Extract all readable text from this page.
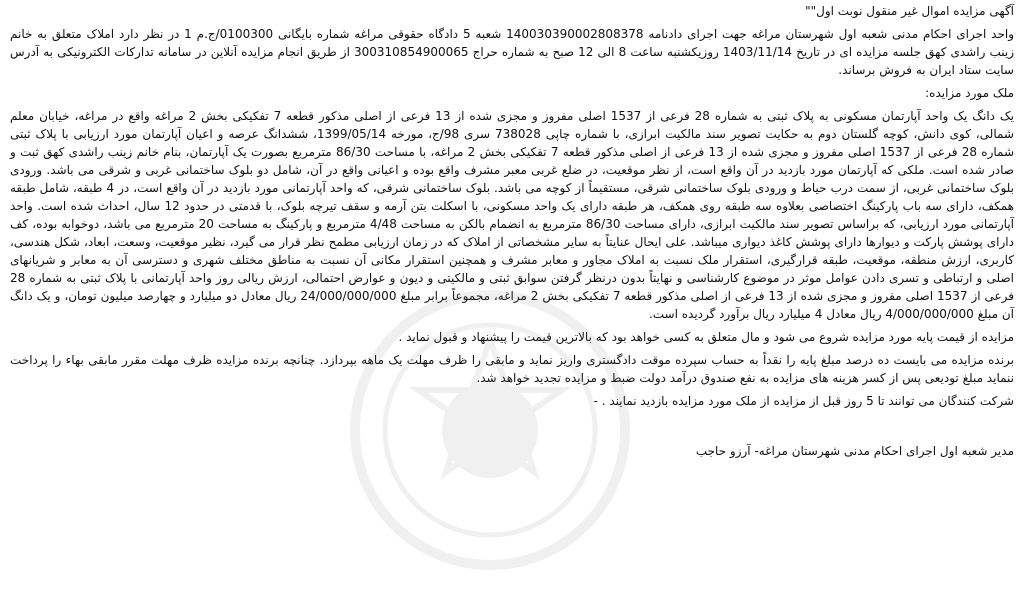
آگهی مزایده اموال غیر منقول نوبت اول""

واحد اجرای احکام مدنی شعبه اول شهرستان مراغه جهت اجرای دادنامه 140030390002808378 شعبه 5 دادگاه حقوقی مراغه شماره بایگانی 0100300/ج.م 1 در نظر دارد املاک متعلق به خانم زینب راشدی کهق جلسه مزایده ای در تاریخ 1403/11/14 روزیکشنبه ساعت 8 الی 12 صبح به شماره حراج 300310854900065 از طریق انجام مزایده آنلاین در سامانه تدارکات الکترونیکی به آدرس سایت ستاد ایران به فروش برساند.

ملک مورد مزایده:

یک دانگ یک واحد آپارتمان مسکونی به پلاک ثبتی به شماره 28 فرعی از 1537 اصلی مفروز و مجزی شده از 13 فرعی از اصلی مذکور قطعه 7 تفکیکی بخش 2 مراغه واقع در مراغه، خیابان معلم شمالی، کوی دانش، کوچه گلستان دوم به حکایت تصویر سند مالکیت ابرازی، با شماره چاپی 738028 سری 98/ج، مورخه 1399/05/14، ششدانگ عرصه و اعیان آپارتمان مورد ارزیابی با پلاک ثبتی شماره 28 فرعی از 1537 اصلی مفروز و مجزی شده از 13 فرعی از اصلی مذکور قطعه 7 تفکیکی بخش 2 مراغه، با مساحت 86/30 مترمربع بصورت یک آپارتمان، بنام خانم زینب راشدی کهق ثبت و صادر شده است. ملکی که آپارتمان مورد بازدید در آن واقع است، از نظر موقعیت، در ضلع غربی معبر مشرف واقع بوده و اعیانی واقع در آن، شامل دو بلوک ساختمانی غربی و شرقی می باشد. ورودی بلوک ساختمانی غربی، از سمت درب حیاط و ورودی بلوک ساختمانی شرقی، مستقیماً از کوچه می باشد. بلوک ساختمانی شرقی، که واحد آپارتمانی مورد بازدید در آن واقع است، در 4 طبقه، شامل طبقه همکف، دارای سه باب پارکینگ اختصاصی بعلاوه سه طبقه روی همکف، هر طبقه دارای یک واحد مسکونی، با اسکلت بتن آرمه و سقف تیرچه بلوک، با قدمتی در حدود 12 سال، احداث شده است. واحد آپارتمانی مورد ارزیابی، که براساس تصویر سند مالکیت ابرازی، دارای مساحت 86/30 مترمربع به انضمام بالکن به مساحت 4/48 مترمربع و پارکینگ به مساحت 20 مترمربع می باشد، دوخوابه بوده، کف دارای پوشش پارکت و دیوارها دارای پوشش کاغذ دیواری میباشد. علی ایحال عنایتاً به سایر مشخصاتی از املاک که در زمان ارزیابی مطمح نظر قرار می گیرد، نظیر موقعیت، وسعت، ابعاد، شکل هندسی، کاربری، ارزش منطقه، موقعیت، طبقه قرارگیری، استقرار ملک نسبت به املاک مجاور و معابر مشرف و همچنین استقرار مکانی آن نسبت به مناطق مختلف شهری و دسترسی آن به معابر و شریانهای اصلی و ارتباطی و تسری دادن عوامل موثر در موضوع کارشناسی و نهایتاً بدون درنظر گرفتن سوابق ثبتی و مالکیتی و دیون و عوارض احتمالی، ارزش ریالی روز واحد آپارتمانی با پلاک ثبتی به شماره 28 فرعی از 1537 اصلی مفروز و مجزی شده از 13 فرعی از اصلی مذکور قطعه 7 تفکیکی بخش 2 مراغه، مجموعاً برابر مبلغ 24/000/000/000 ریال معادل دو میلیارد و چهارصد میلیون تومان، و یک دانگ آن مبلغ 4/000/000/000 ریال معادل 4 میلیارد ریال برآورد گردیده است.

مزایده از قیمت پایه مورد مزایده شروع می شود و مال متعلق به کسی خواهد بود که بالاترین قیمت را پیشنهاد و قبول نماید .

برنده مزایده می بایست ده درصد مبلغ پایه را نقداً به حساب سپرده موقت دادگستری واریز نماید و مابقی را ظرف مهلت یک ماهه بپردازد. چنانچه برنده مزایده ظرف مهلت مقرر مابقی بهاء را پرداخت ننماید مبلغ تودیعی پس از کسر هزینه های مزایده به نفع صندوق درآمد دولت ضبط و مزایده تجدید خواهد شد.

شرکت کنندگان می توانند تا 5 روز قبل از مزایده از ملک مورد مزایده بازدید نمایند . -

مدیر شعبه اول اجرای احکام مدنی شهرستان مراغه- آرزو حاجب
